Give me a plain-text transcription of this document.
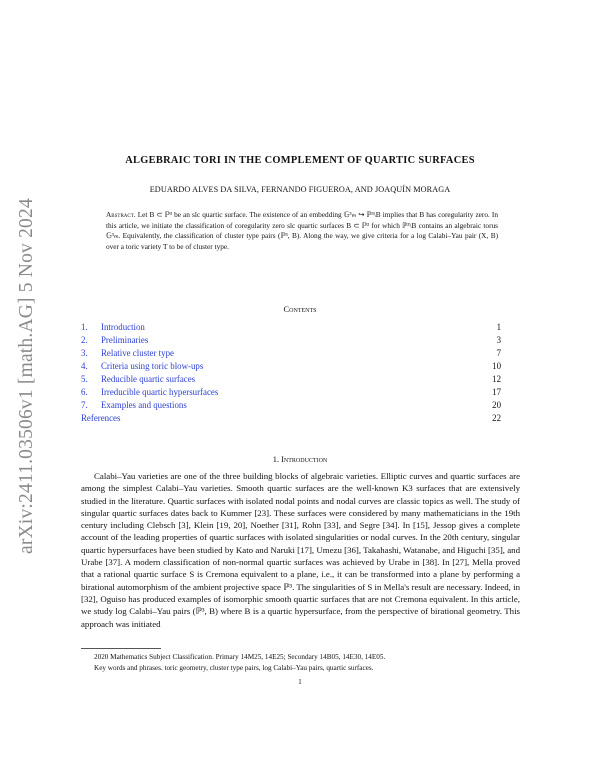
arXiv:2411.03506v1 [math.AG] 5 Nov 2024
ALGEBRAIC TORI IN THE COMPLEMENT OF QUARTIC SURFACES
EDUARDO ALVES DA SILVA, FERNANDO FIGUEROA, AND JOAQUÍN MORAGA
Abstract. Let B ⊂ ℙ³ be an slc quartic surface. The existence of an embedding 𝔾³ₘ ↪ ℙ³\B implies that B has coregularity zero. In this article, we initiate the classification of coregularity zero slc quartic surfaces B ⊂ ℙ³ for which ℙ³\B contains an algebraic torus 𝔾³ₘ. Equivalently, the classification of cluster type pairs (ℙ³, B). Along the way, we give criteria for a log Calabi–Yau pair (X, B) over a toric variety T to be of cluster type.
Contents
1.	Introduction	1
2.	Preliminaries	3
3.	Relative cluster type	7
4.	Criteria using toric blow-ups	10
5.	Reducible quartic surfaces	12
6.	Irreducible quartic hypersurfaces	17
7.	Examples and questions	20
References	22
1. Introduction
Calabi–Yau varieties are one of the three building blocks of algebraic varieties. Elliptic curves and quartic surfaces are among the simplest Calabi–Yau varieties. Smooth quartic surfaces are the well-known K3 surfaces that are extensively studied in the literature. Quartic surfaces with isolated nodal points and nodal curves are classic topics as well. The study of singular quartic surfaces dates back to Kummer [23]. These surfaces were considered by many mathematicians in the 19th century including Clebsch [3], Klein [19, 20], Noether [31], Rohn [33], and Segre [34]. In [15], Jessop gives a complete account of the leading properties of quartic surfaces with isolated singularities or nodal curves. In the 20th century, singular quartic hypersurfaces have been studied by Kato and Naruki [17], Umezu [36], Takahashi, Watanabe, and Higuchi [35], and Urabe [37]. A modern classification of non-normal quartic surfaces was achieved by Urabe in [38]. In [27], Mella proved that a rational quartic surface S is Cremona equivalent to a plane, i.e., it can be transformed into a plane by performing a birational automorphism of the ambient projective space ℙ³. The singularities of S in Mella's result are necessary. Indeed, in [32], Oguiso has produced examples of isomorphic smooth quartic surfaces that are not Cremona equivalent. In this article, we study log Calabi–Yau pairs (ℙ³, B) where B is a quartic hypersurface, from the perspective of birational geometry. This approach was initiated
2020 Mathematics Subject Classification. Primary 14M25, 14E25; Secondary 14B05, 14E30, 14E05.
Key words and phrases. toric geometry, cluster type pairs, log Calabi–Yau pairs, quartic surfaces.
1
